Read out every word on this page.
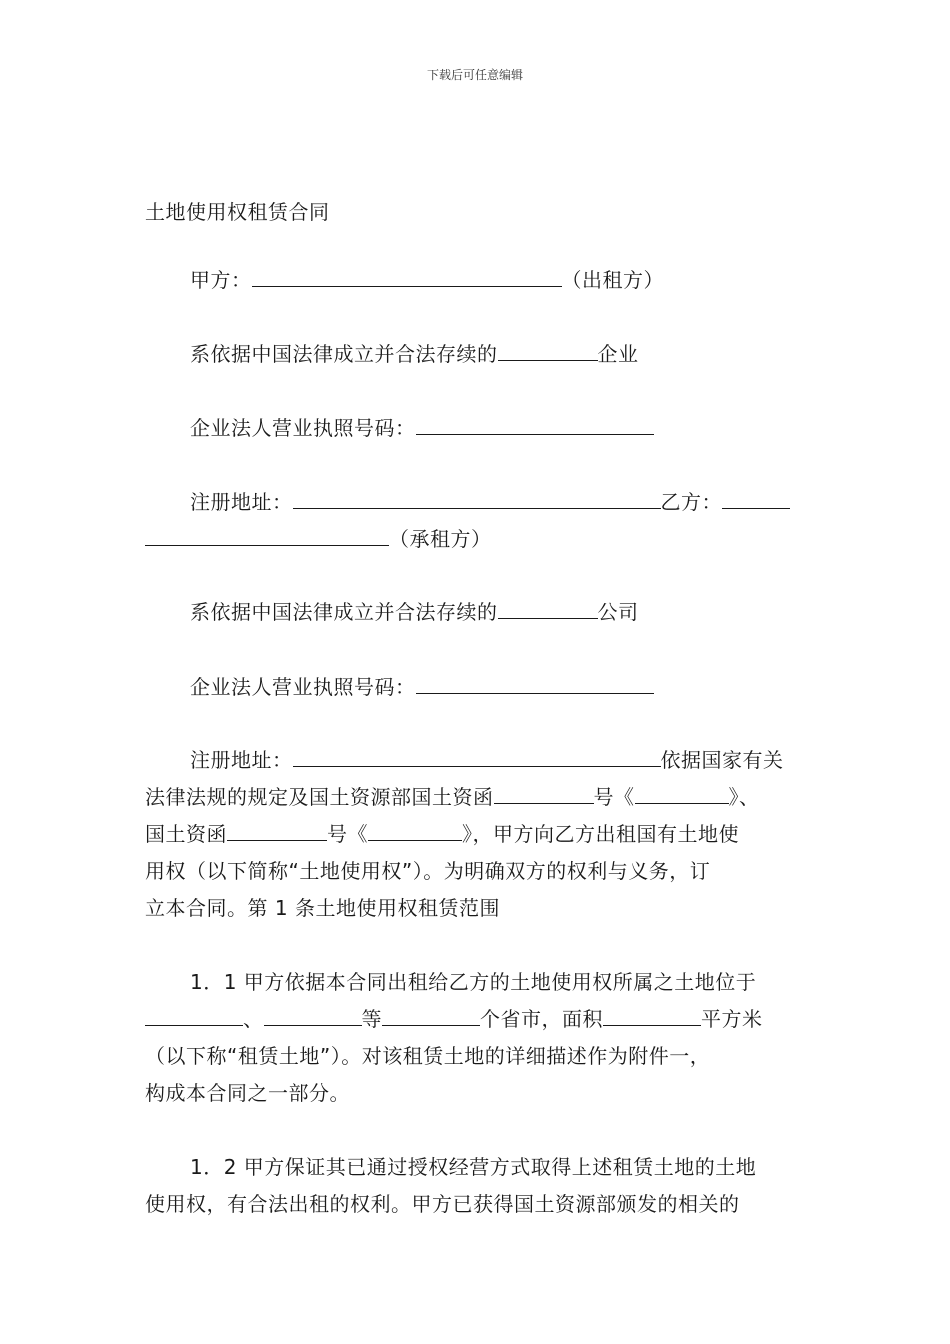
下载后可任意编辑
土地使用权租赁合同
甲方：	（出租方）
系依据中国法律成立并合法存续的	企业
企业法人营业执照号码：
注册地址：	乙方：
（承租方）
系依据中国法律成立并合法存续的	公司
企业法人营业执照号码：
注册地址：	依据国家有关
法律法规的规定及国土资源部国土资函	号《	》、
国土资函	号《	》，甲方向乙方出租国有土地使
用权（以下简称“土地使用权”）。为明确双方的权利与义务，订
立本合同。第 1 条土地使用权租赁范围
1．1 甲方依据本合同出租给乙方的土地使用权所属之土地位于
、	等	个省市，面积	平方米
（以下称“租赁土地”）。对该租赁土地的详细描述作为附件一，
构成本合同之一部分。
1．2 甲方保证其已通过授权经营方式取得上述租赁土地的土地
使用权，有合法出租的权利。甲方已获得国土资源部颁发的相关的
